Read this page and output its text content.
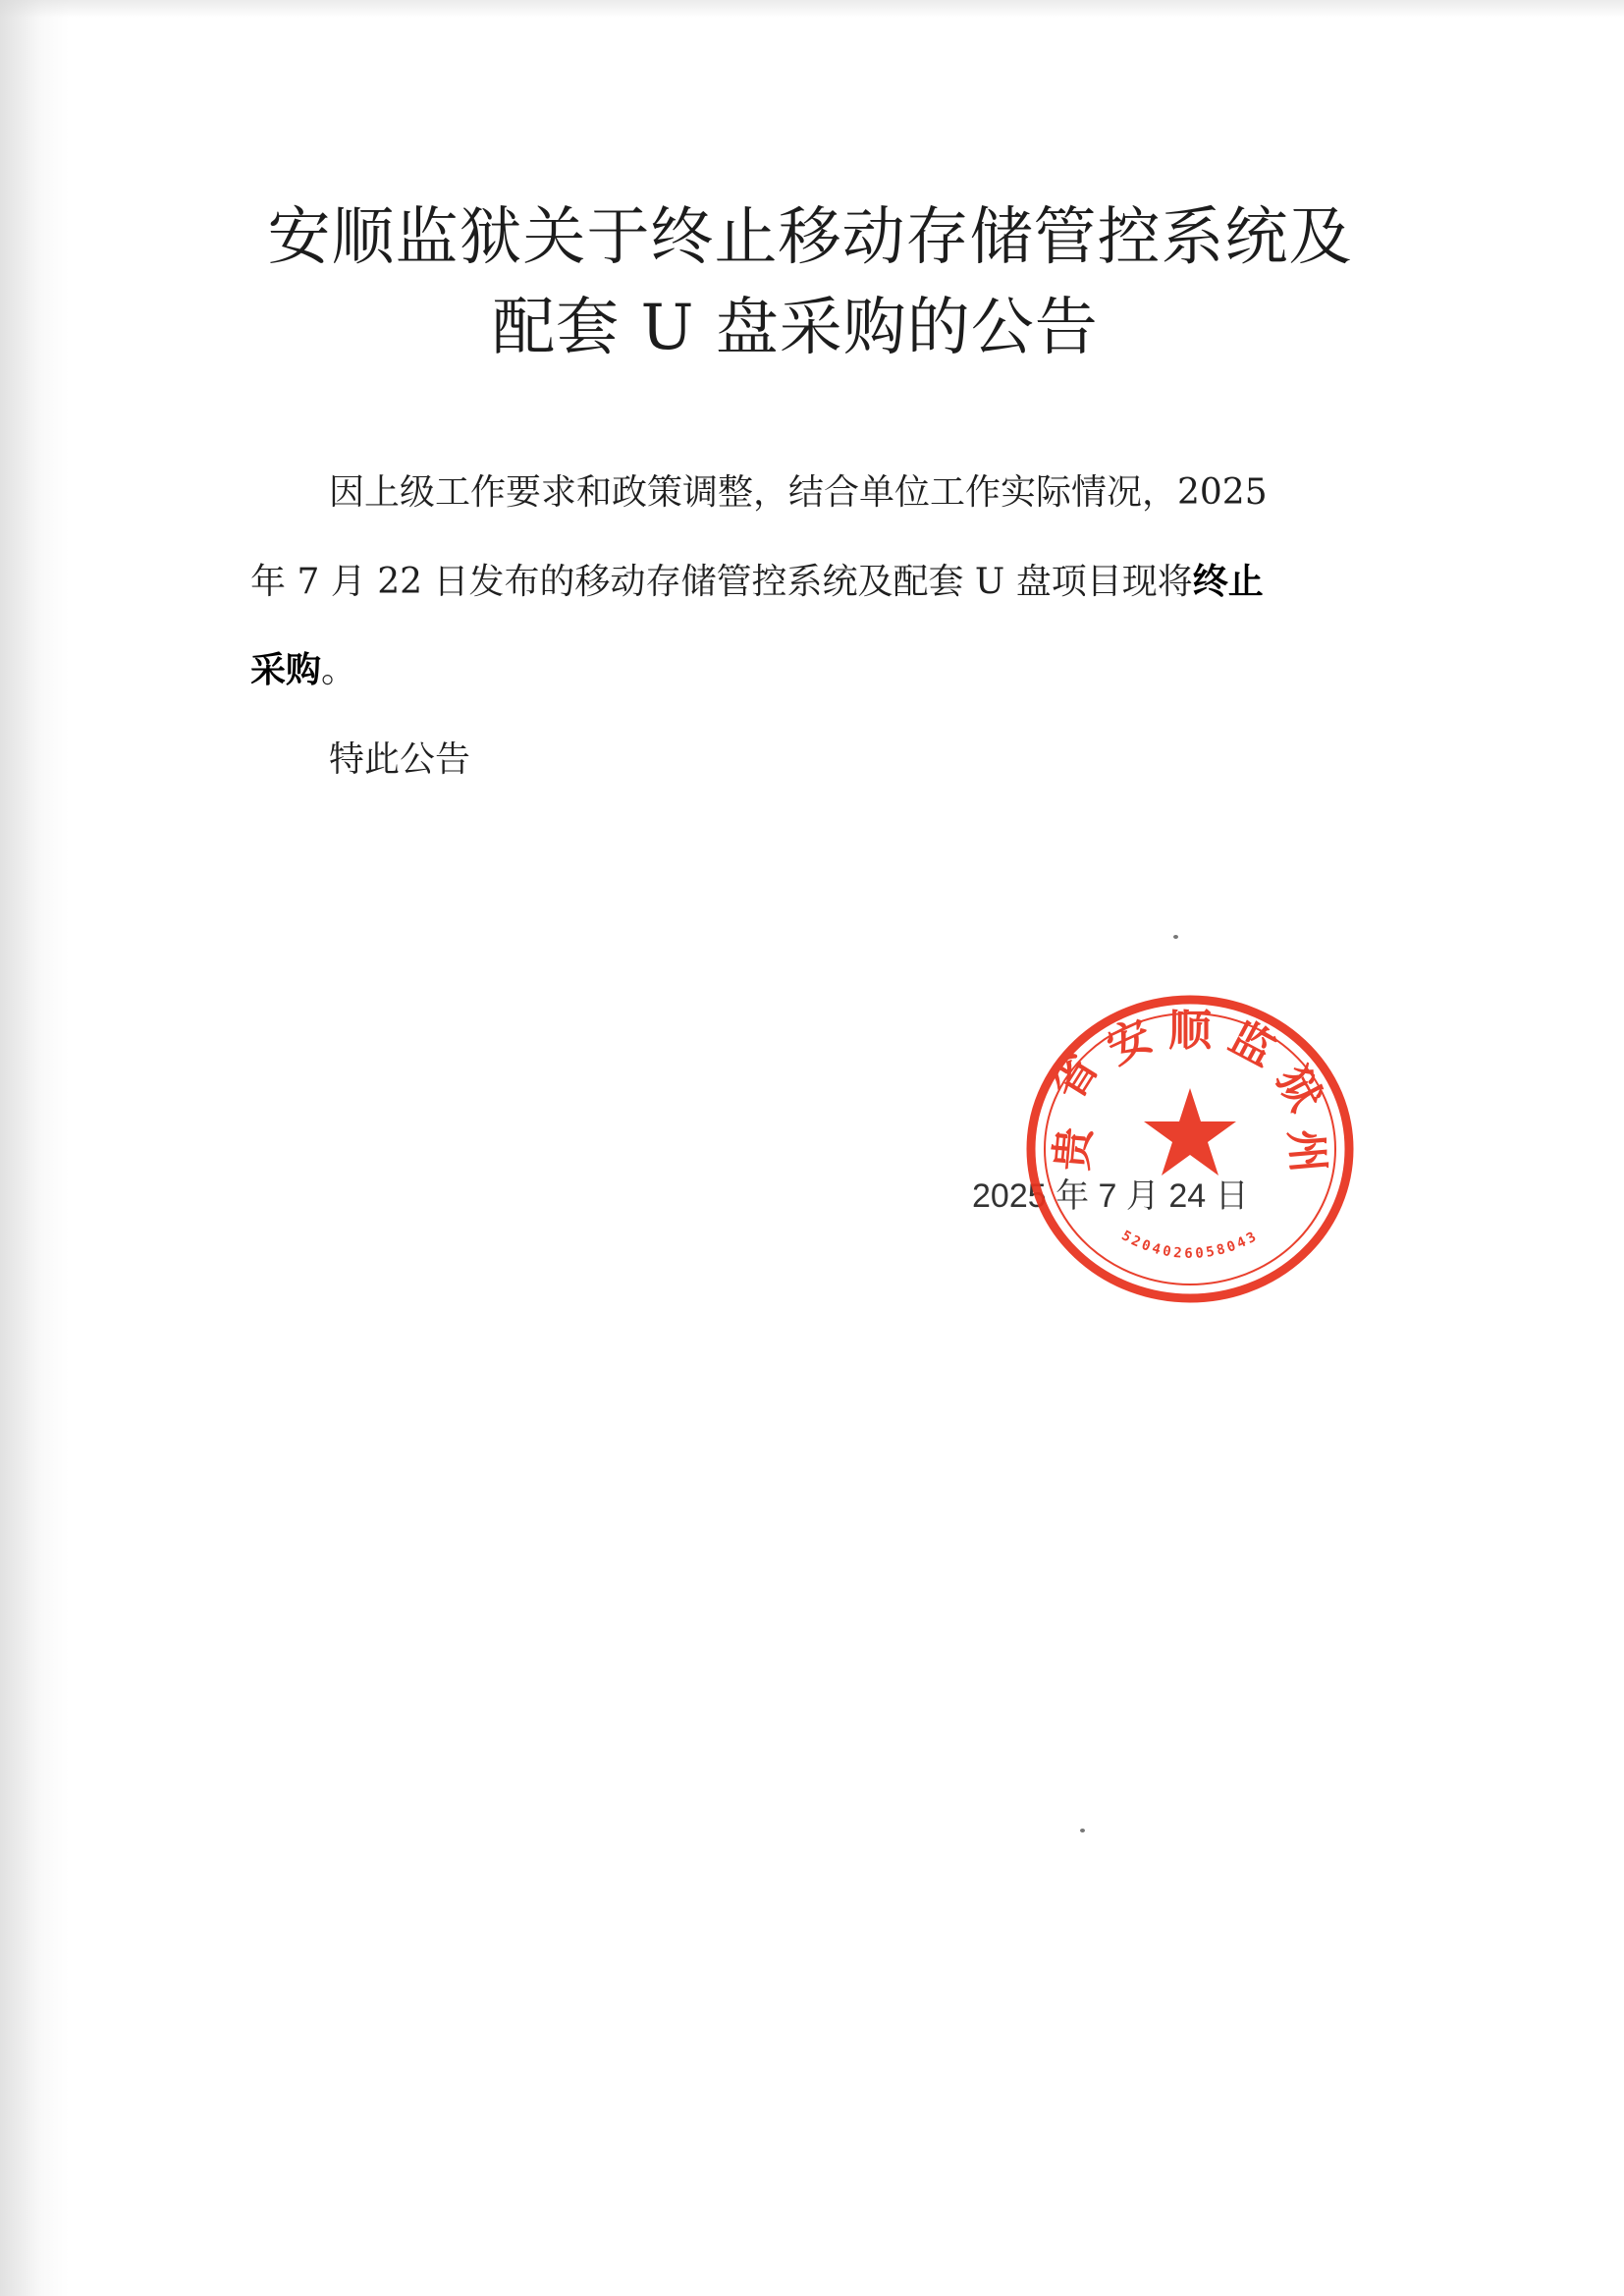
安顺监狱关于终止移动存储管控系统及
配套 U 盘采购的公告

因上级工作要求和政策调整，结合单位工作实际情况，2025

年 7 月 22 日发布的移动存储管控系统及配套 U 盘项目现将终止

采购。

特此公告

2025 年 7 月 24 日

省
安 顺 监
狱
贵	州
5204026058043
